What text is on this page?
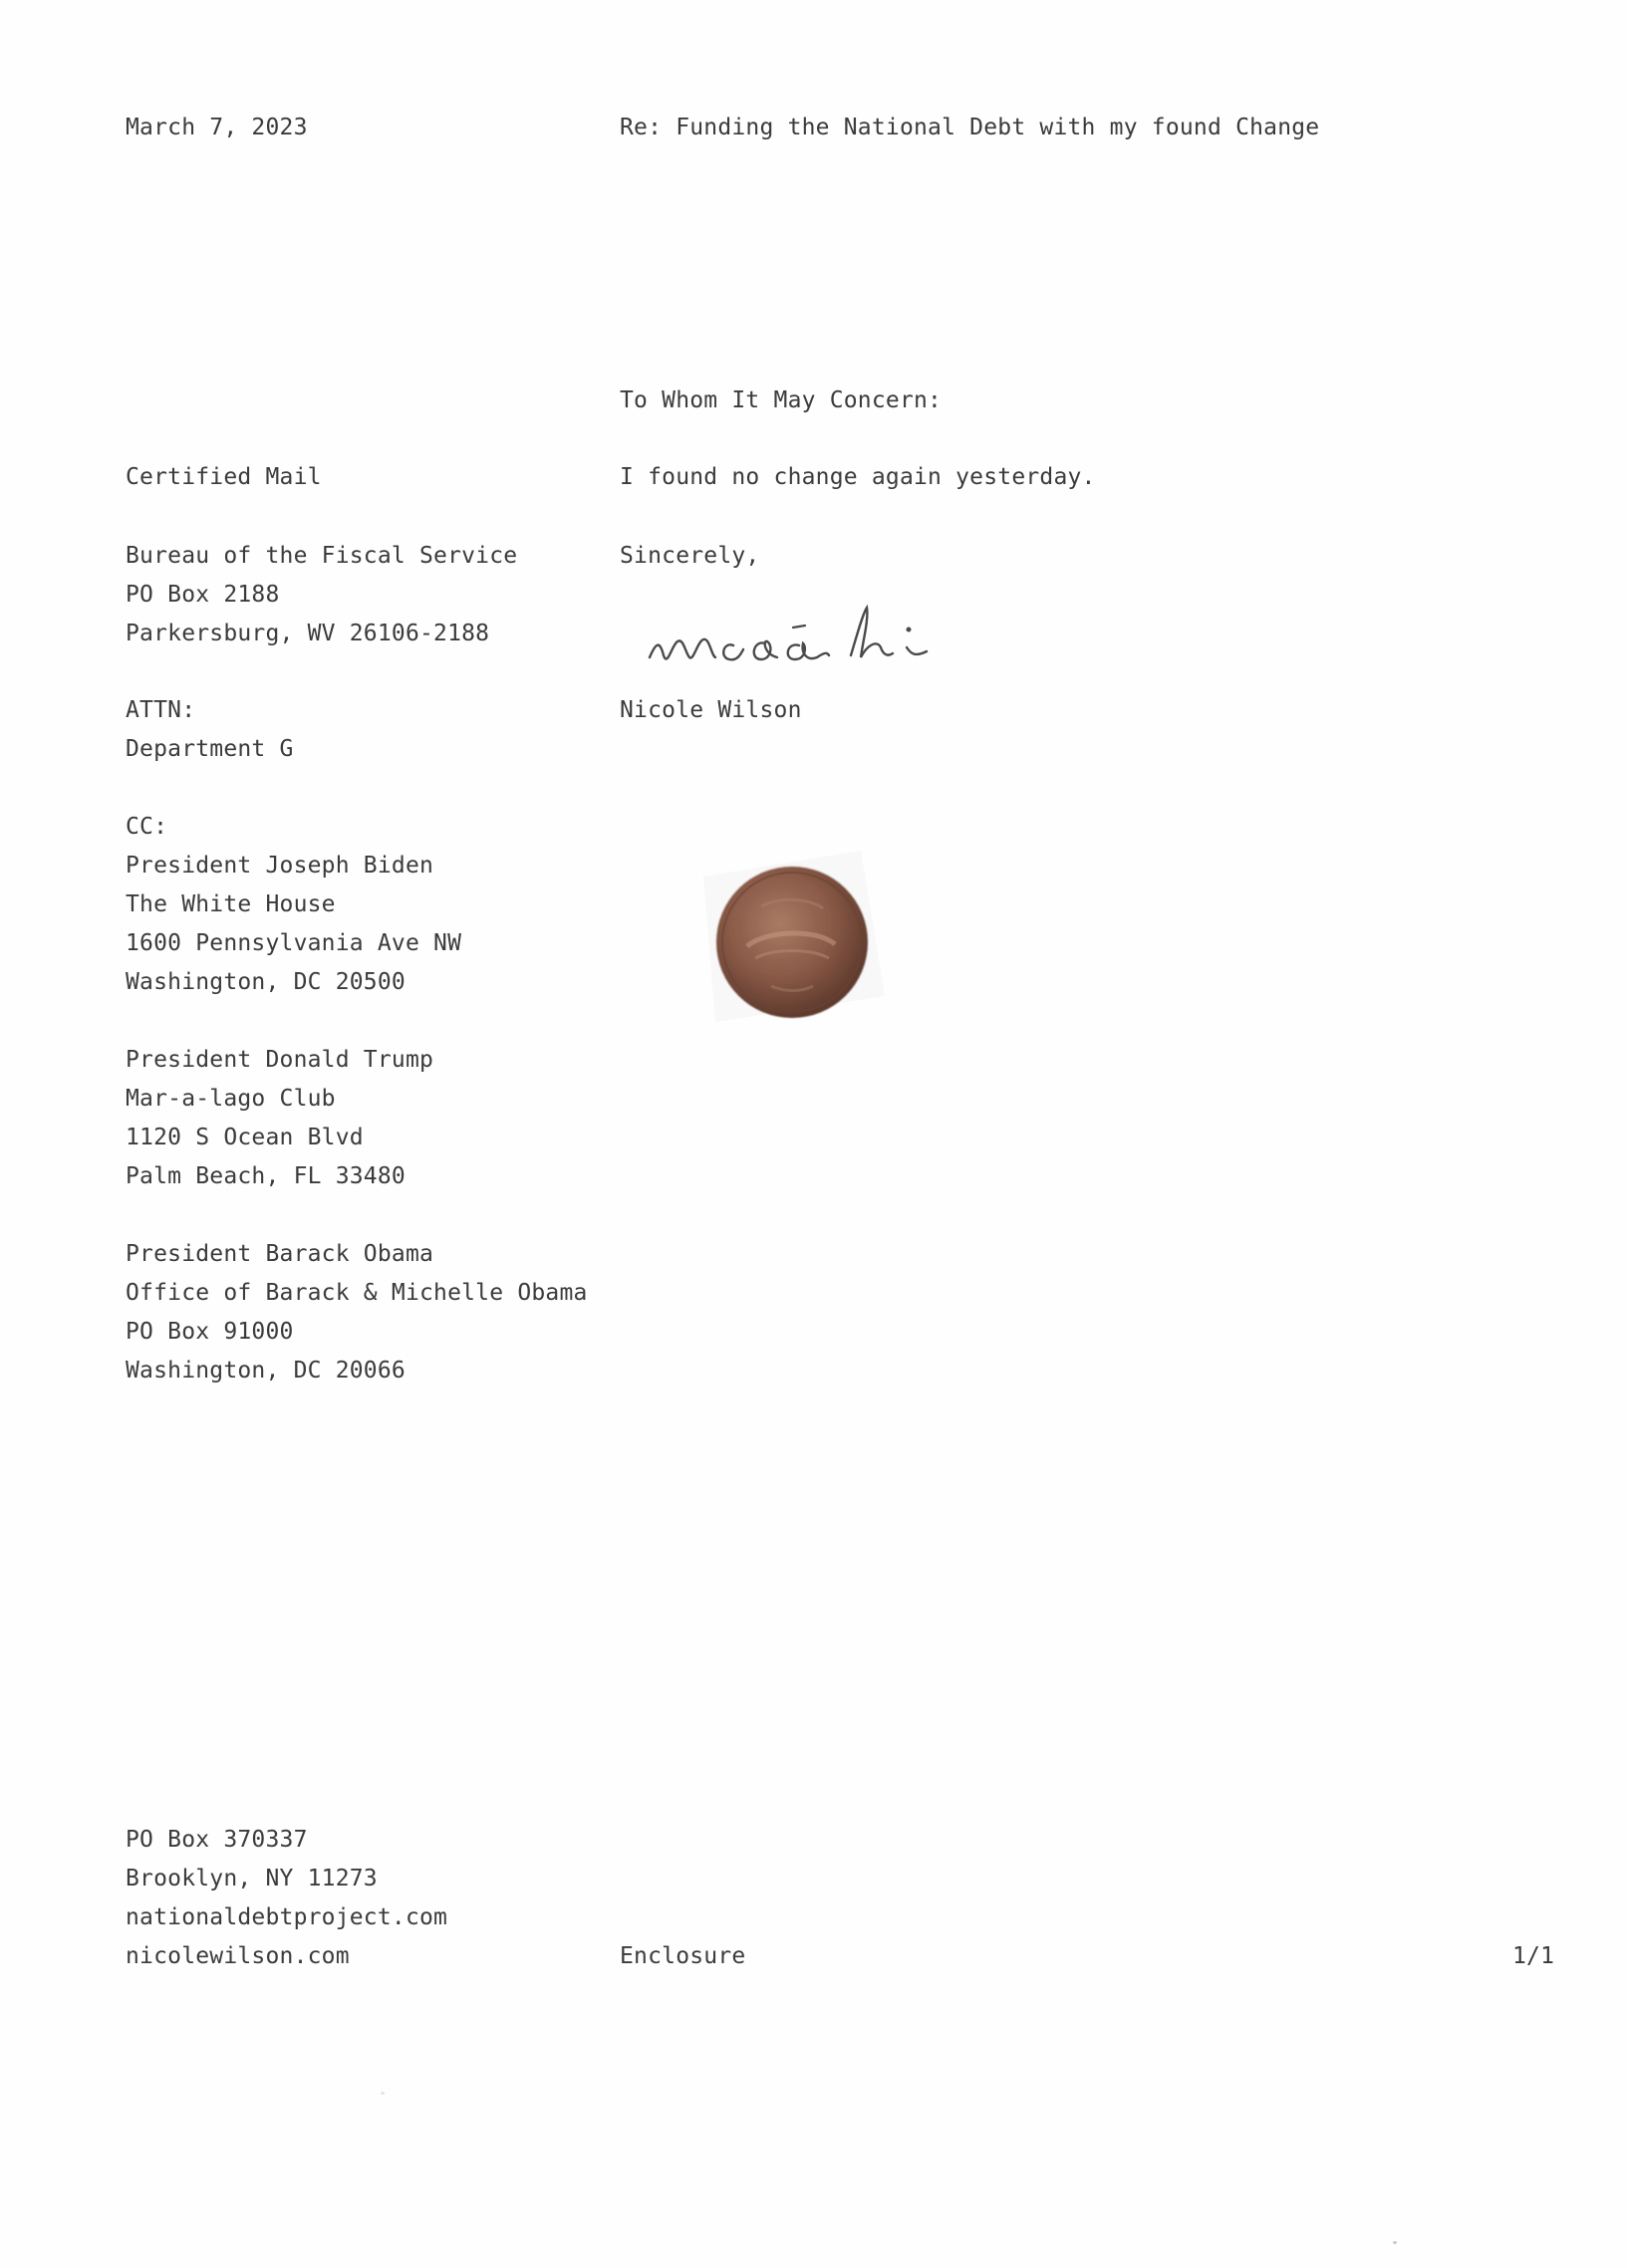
March 7, 2023	Re: Funding the National Debt with my found Change
To Whom It May Concern:
Certified Mail	I found no change again yesterday.
Bureau of the Fiscal Service
PO Box 2188
Parkersburg, WV 26106-2188
Sincerely,
Nicole Wilson
ATTN:
Department G
CC:
President Joseph Biden
The White House
1600 Pennsylvania Ave NW
Washington, DC 20500
President Donald Trump
Mar-a-lago Club
1120 S Ocean Blvd
Palm Beach, FL 33480
President Barack Obama
Office of Barack & Michelle Obama
PO Box 91000
Washington, DC 20066
PO Box 370337
Brooklyn, NY 11273
nationaldebtproject.com
nicolewilson.com	Enclosure	1/1
